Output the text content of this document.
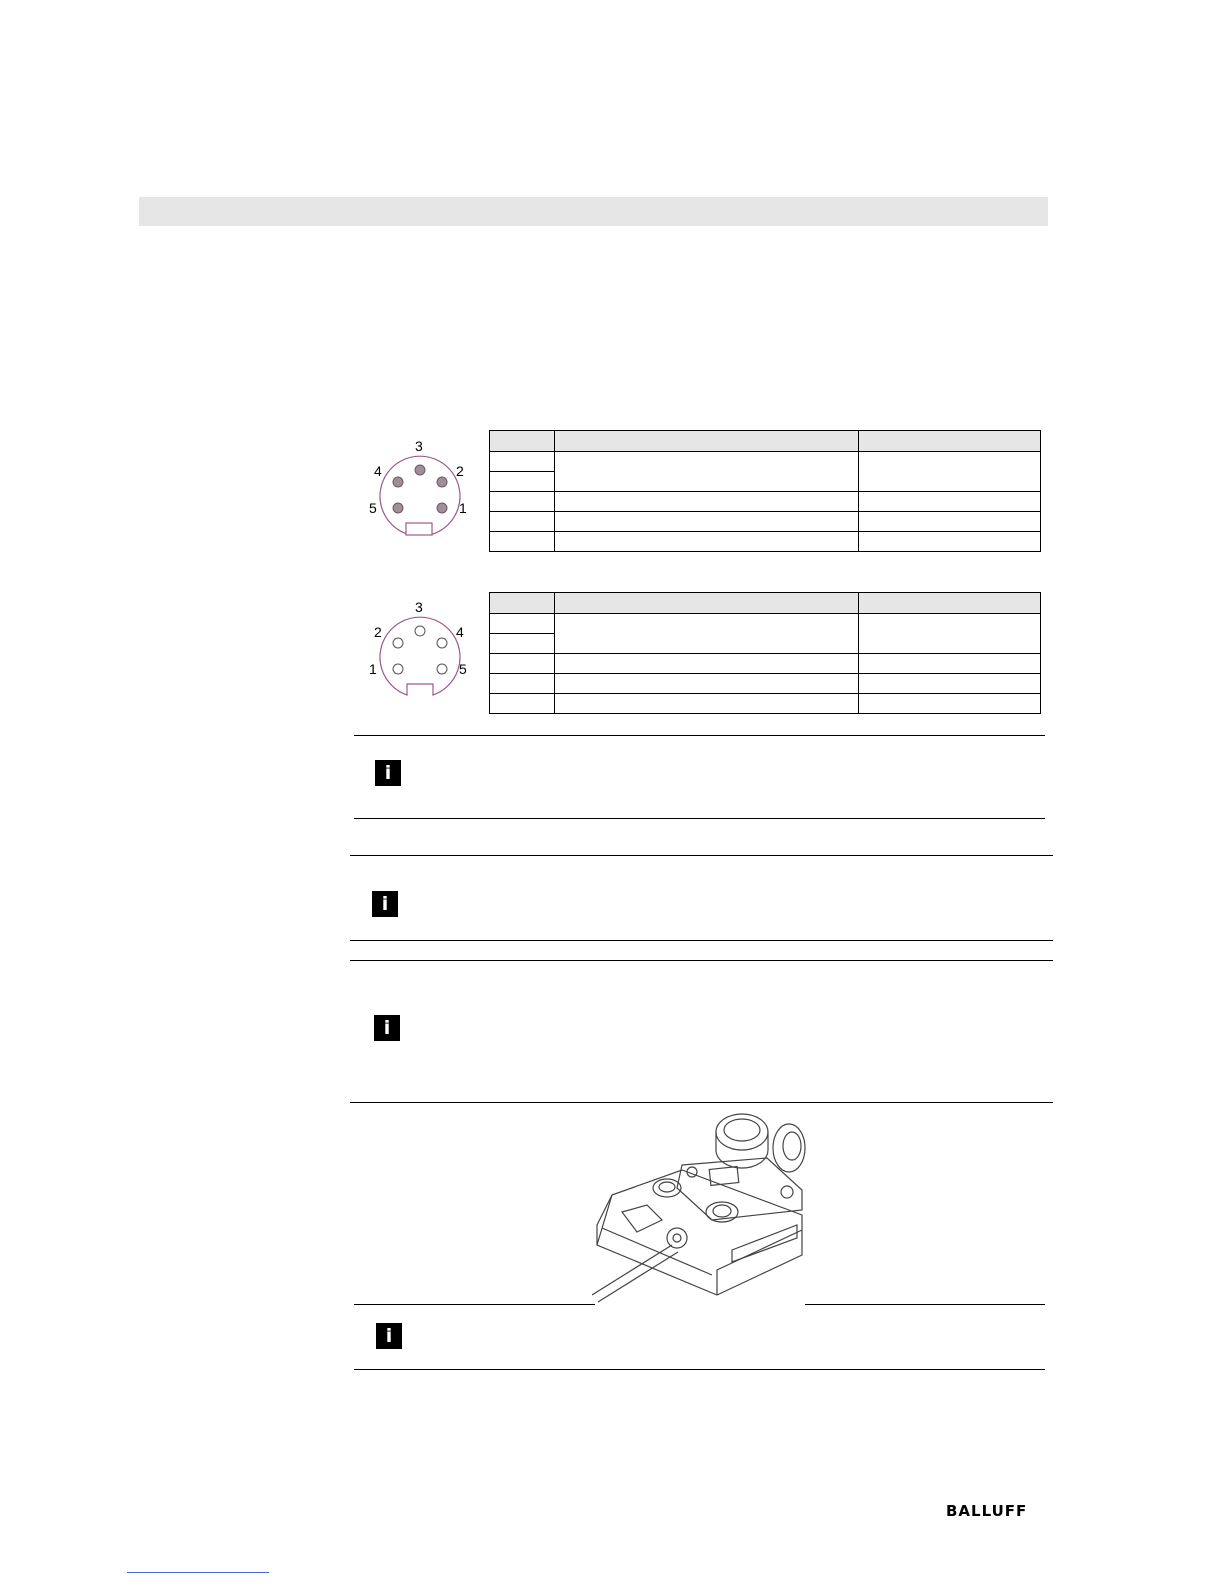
3
4	2
5	1

3
2	4
1	5

i
i
i
i
BALLUFF
